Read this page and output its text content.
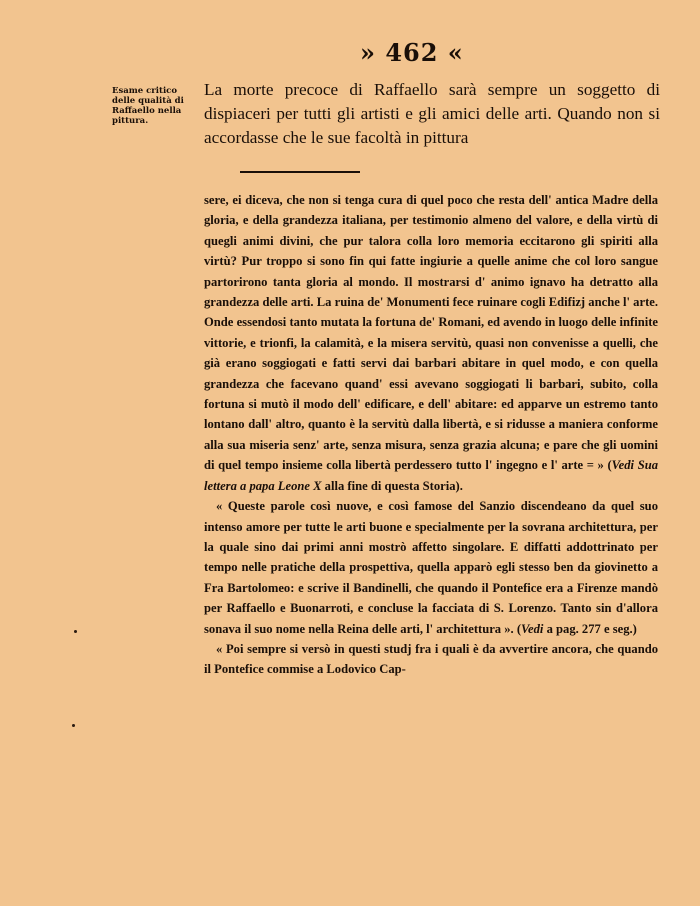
» 462 «
Esame critico delle qualità di Raffaello nella pittura.

La morte precoce di Raffaello sarà sempre un soggetto di dispiaceri per tutti gli artisti e gli amici delle arti. Quando non si accordasse che le sue facoltà in pittura

sere, ei diceva, che non si tenga cura di quel poco che resta dell' antica Madre della gloria, e della grandezza italiana, per testimonio almeno del valore, e della virtù di quegli animi divini, che pur talora colla loro memoria eccitarono gli spiriti alla virtù? Pur troppo si sono fin qui fatte ingiurie a quelle anime che col loro sangue partorirono tanta gloria al mondo. Il mostrarsi d' animo ignavo ha detratto alla grandezza delle arti. La ruina de' Monumenti fece ruinare cogli Edifizj anche l' arte. Onde essendosi tanto mutata la fortuna de' Romani, ed avendo in luogo delle infinite vittorie, e trionfi, la calamità, e la misera servitù, quasi non convenisse a quelli, che già erano soggiogati e fatti servi dai barbari abitare in quel modo, e con quella grandezza che facevano quand' essi avevano soggiogati li barbari, subito, colla fortuna si mutò il modo dell' edificare, e dell' abitare: ed apparve un estremo tanto lontano dall' altro, quanto è la servitù dalla libertà, e si ridusse a maniera conforme alla sua miseria senz' arte, senza misura, senza grazia alcuna; e pare che gli uomini di quel tempo insieme colla libertà perdessero tutto l' ingegno e l' arte = » (Vedi Sua lettera a papa Leone X alla fine di questa Storia).

« Queste parole così nuove, e così famose del Sanzio discendeano da quel suo intenso amore per tutte le arti buone e specialmente per la sovrana architettura, per la quale sino dai primi anni mostrò affetto singolare. E diffatti addottrinato per tempo nelle pratiche della prospettiva, quella apparò egli stesso ben da giovinetto a Fra Bartolomeo: e scrive il Bandinelli, che quando il Pontefice era a Firenze mandò per Raffaello e Buonarroti, e concluse la facciata di S. Lorenzo. Tanto sin d'allora sonava il suo nome nella Reina delle arti, l' architettura ». (Vedi a pag. 277 e seg.)

« Poi sempre si versò in questi studj fra i quali è da avvertire ancora, che quando il Pontefice commise a Lodovico Cap-
